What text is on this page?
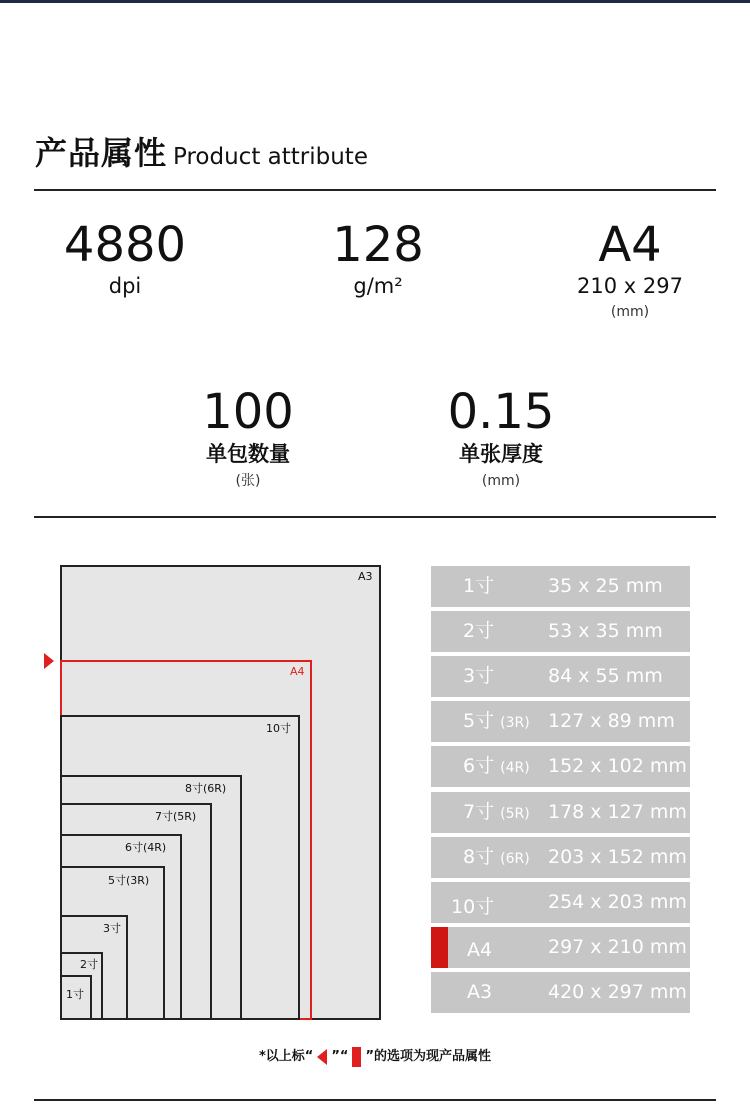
产品属性 Product attribute
4880
dpi
128
g/m²
A4
210 x 297
(mm)
100
单包数量
(张)
0.15
单张厚度
(mm)
A3
A4
10寸
8寸(6R)
7寸(5R)
6寸(4R)
5寸(3R)
3寸
2寸
1寸
1寸	35 x 25 mm
2寸	53 x 35 mm
3寸	84 x 55 mm
5寸 (3R) 127 x 89 mm
6寸 (4R) 152 x 102 mm
7寸 (5R) 178 x 127 mm
8寸 (6R) 203 x 152 mm
10寸	254 x 203 mm
A4	297 x 210 mm
A3	420 x 297 mm
*以上标“ ”“ ”的选项为现产品属性
